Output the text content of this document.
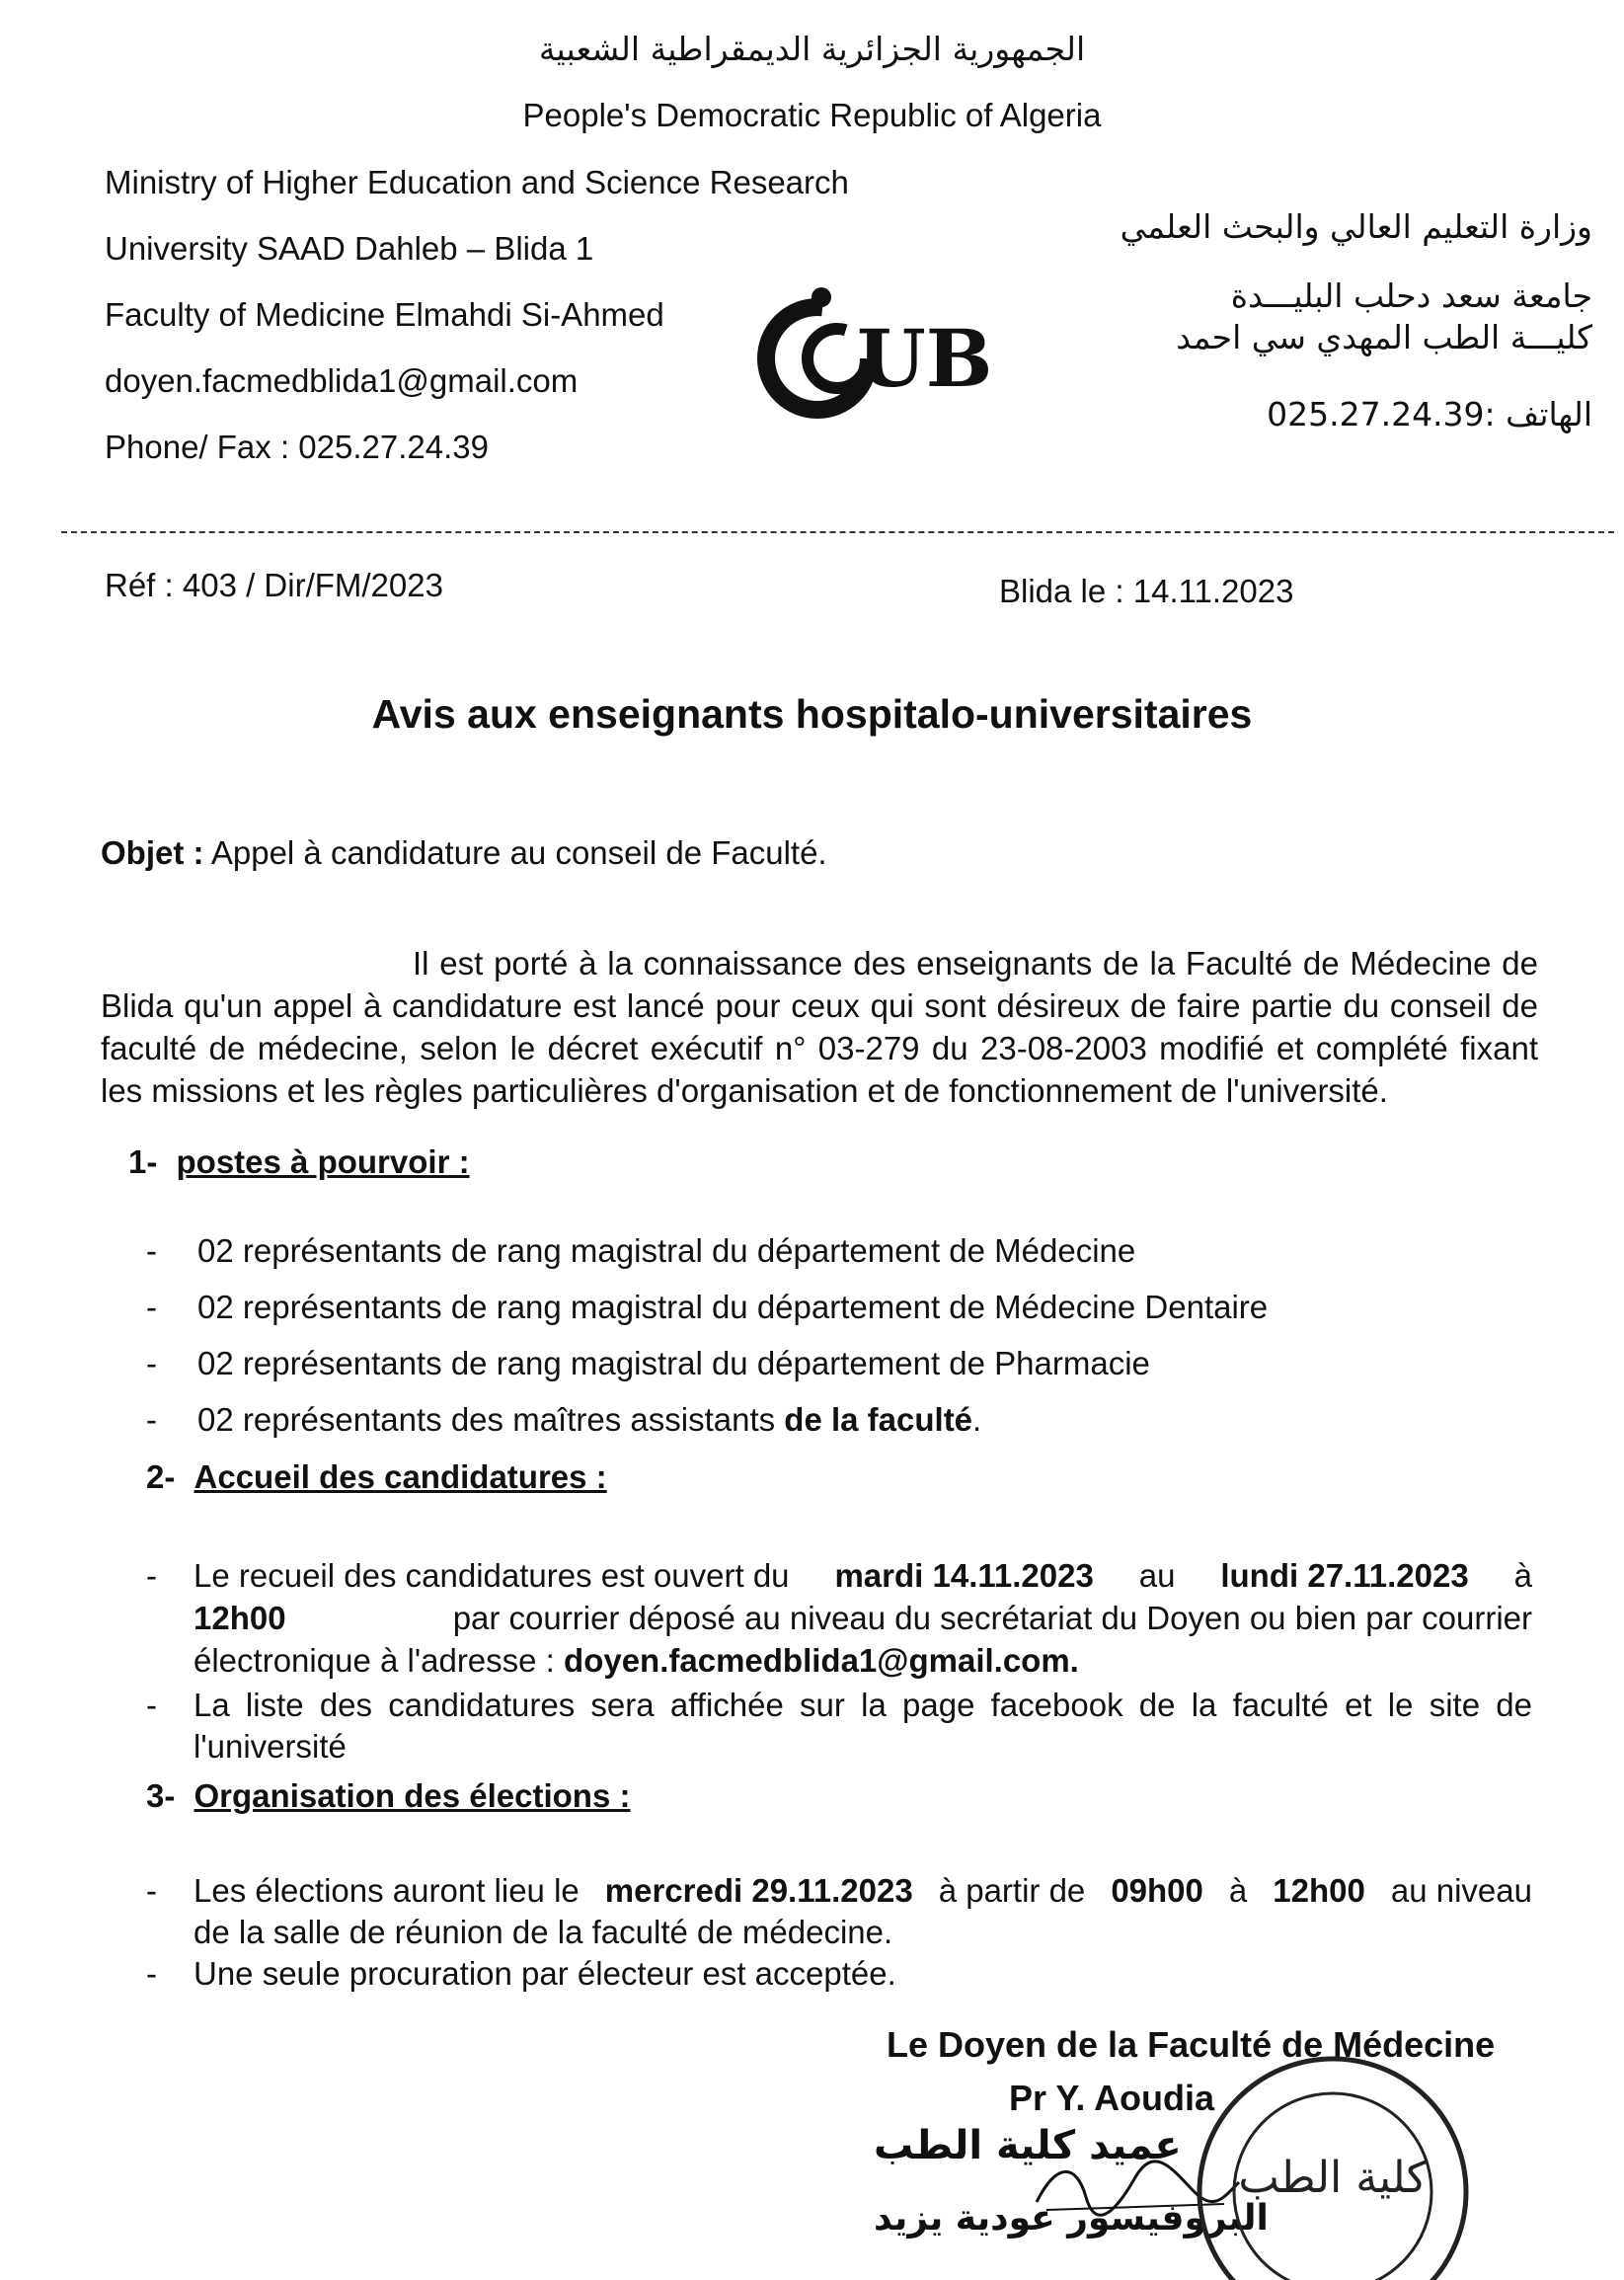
الجمهورية الجزائرية الديمقراطية الشعبية
People's Democratic Republic of Algeria
Ministry of Higher Education and Science Research
University SAAD Dahleb – Blida 1
Faculty of Medicine Elmahdi Si-Ahmed
doyen.facmedblida1@gmail.com
Phone/ Fax : 025.27.24.39
UB
وزارة التعليم العالي والبحث العلمي
جامعة سعد دحلب البليـــدة
كليـــة الطب المهدي سي احمد
الهاتف :025.27.24.39
Réf : 403 / Dir/FM/2023	Blida le : 14.11.2023
Avis aux enseignants hospitalo-universitaires
Objet : Appel à candidature au conseil de Faculté.
Il est porté à la connaissance des enseignants de la Faculté de Médecine de
Blida qu'un appel à candidature est lancé pour ceux qui sont désireux de faire partie du conseil de
faculté de médecine, selon le décret exécutif n° 03-279 du 23-08-2003 modifié et complété fixant
les missions et les règles particulières d'organisation et de fonctionnement de l'université.
1- postes à pourvoir :
- 02 représentants de rang magistral du département de Médecine
- 02 représentants de rang magistral du département de Médecine Dentaire
- 02 représentants de rang magistral du département de Pharmacie
- 02 représentants des maîtres assistants de la faculté.
2- Accueil des candidatures :
- Le recueil des candidatures est ouvert du mardi 14.11.2023 au lundi 27.11.2023 à
12h00	par courrier déposé au niveau du secrétariat du Doyen ou bien par courrier
électronique à l'adresse : doyen.facmedblida1@gmail.com.
- La liste des candidatures sera affichée sur la page facebook de la faculté et le site de
l'université
3- Organisation des élections :
- Les élections auront lieu le mercredi 29.11.2023 à partir de 09h00 à 12h00 au niveau
de la salle de réunion de la faculté de médecine.
- Une seule procuration par électeur est acceptée.
Le Doyen de la Faculté de Médecine
Pr Y. Aoudia
عميد كلية الطب
البروفيسور عودية يزيد
كلية الطب
